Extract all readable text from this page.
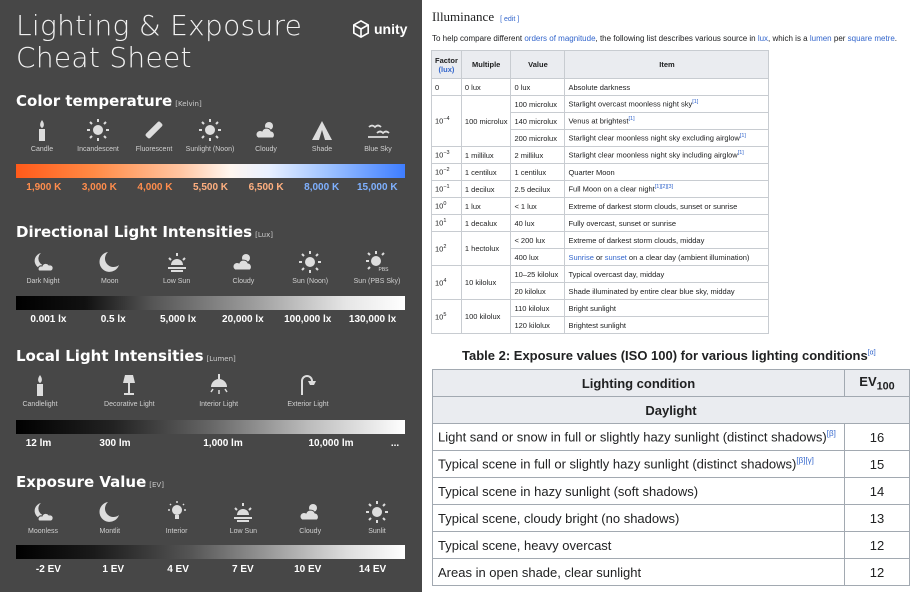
Lighting & Exposure
Cheat Sheet
unity
Color temperature [Kelvin]
Candle	Incandescent Fluorescent Sunlight (Noon)	Cloudy	Shade	Blue Sky
1,900 K	3,000 K	4,000 K	5,500 K	6,500 K	8,000 K	15,000 K
Directional Light Intensities [Lux]
Dark Night	Moon	Low Sun	Cloudy	Sun (Noon)
PBS
Sun (PBS Sky)
0.001 lx	0.5 lx	5,000 lx	20,000 lx	100,000 lx	130,000 lx
Local Light Intensities [Lumen]
Candlelight	Decorative Light	Interior Light	Exterior Light
12 lm	300 lm	1,000 lm	10,000 lm	...
Exposure Value [EV]
Moonless	Montlit	Interior	Low Sun	Cloudy	Sunlit
-2 EV	1 EV	4 EV	7 EV	10 EV	14 EV
Illuminance [ edit ]
To help compare different orders of magnitude, the following list describes various source in lux, which is a lumen per square metre.
Factor
(lux)	Multiple	Value	Item
0	0 lux	0 lux	Absolute darkness
$10^{-4}$	100 microlux	100 microlux	Starlight overcast moonless night sky[1]
		140 microlux	Venus at brightest[1]
		200 microlux	Starlight clear moonless night sky excluding airglow[1]
$10^{-3}$	1 millilux	2 millilux	Starlight clear moonless night sky including airglow[1]
$10^{-2}$	1 centilux	1 centilux	Quarter Moon
$10^{-1}$	1 decilux	2.5 decilux	Full Moon on a clear night[1][2][3]
$10^0$	1 lux	< 1 lux	Extreme of darkest storm clouds, sunset or sunrise
$10^1$	1 decalux	40 lux	Fully overcast, sunset or sunrise
$10^2$	1 hectolux	< 200 lux	Extreme of darkest storm clouds, midday
		400 lux	Sunrise or sunset on a clear day (ambient illumination)
$10^4$	10 kilolux	10–25 kilolux	Typical overcast day, midday
		20 kilolux	Shade illuminated by entire clear blue sky, midday
$10^5$	100 kilolux	110 kilolux	Bright sunlight
		120 kilolux	Brightest sunlight
Table 2: Exposure values (ISO 100) for various lighting conditions[α]
Lighting condition	$EV_{100}$
Daylight	
Light sand or snow in full or slightly hazy sunlight (distinct shadows)[β]	16
Typical scene in full or slightly hazy sunlight (distinct shadows)[β][γ]	15
Typical scene in hazy sunlight (soft shadows)	14
Typical scene, cloudy bright (no shadows)	13
Typical scene, heavy overcast	12
Areas in open shade, clear sunlight	12
